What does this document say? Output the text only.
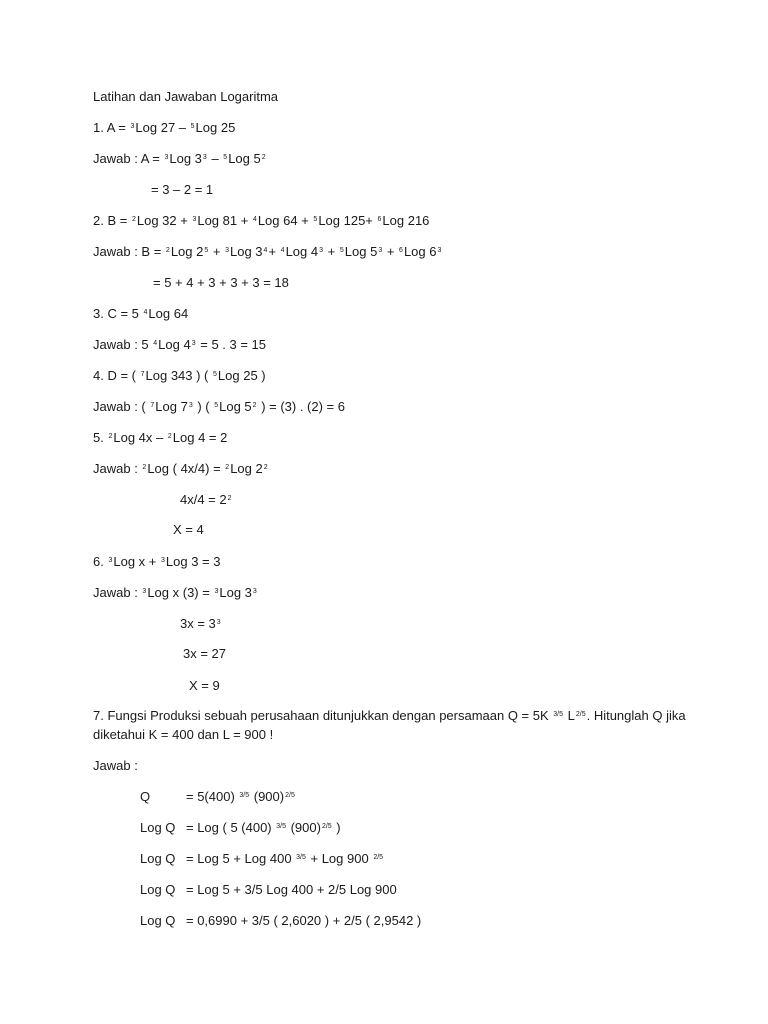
Latihan dan Jawaban Logaritma
1. A = $^3$Log 27 – $^5$Log 25
Jawab : A = $^3$Log $3^3 - ^5Log$ $5^2$
= 3 – 2 = 1
2. B = $^2$Log 32 + $^3$Log 81 + $^4$Log 64 + $^5$Log 125+ $^6$Log 216
Jawab : B = $^2$Log $2^5 + ^3Log$ $3^4+ ^4Log$ $4^3 + ^5Log$ $5^3 + ^6Log$ $6^3$
= 5 + 4 + 3 + 3 + 3 = 18
3. C = 5 $^4$Log 64
Jawab : 5 $^4$Log $4^3 = 5$ . 3 = 15
4. D = ( $^7$Log 343 ) ( $^5$Log 25 )
Jawab : ( $^7$Log $7^3$ ) ( $^5$Log $5^2$ ) = (3) . (2) = 6
5. $^2$Log 4x – $^2$Log 4 = 2
Jawab : $^2$Log ( 4x/4) = $^2$Log $2^2$
$4x/4 = 2^2$
X = 4
6. $^3$Log x + $^3$Log 3 = 3
Jawab : $^3$Log x (3) = $^3$Log $3^3$
$3x = 3^3$
3x = 27
X = 9
7. Fungsi Produksi sebuah perusahaan ditunjukkan dengan persamaan Q = 5K $^{3/5}$ $L^{2/5}$. Hitunglah Q jika
diketahui K = 400 dan L = 900 !
Jawab :
Q	= 5(400) $^{3/5}$ $(900)^{2/5}$
Log Q = Log ( 5 (400) $^{3/5}$ $(900)^{2/5}$ )
Log Q = Log 5 + Log 400 $^{3/5}$ + Log 900 $^{2/5}$
Log Q = Log 5 + 3/5 Log 400 + 2/5 Log 900
Log Q = 0,6990 + 3/5 ( 2,6020 ) + 2/5 ( 2,9542 )
